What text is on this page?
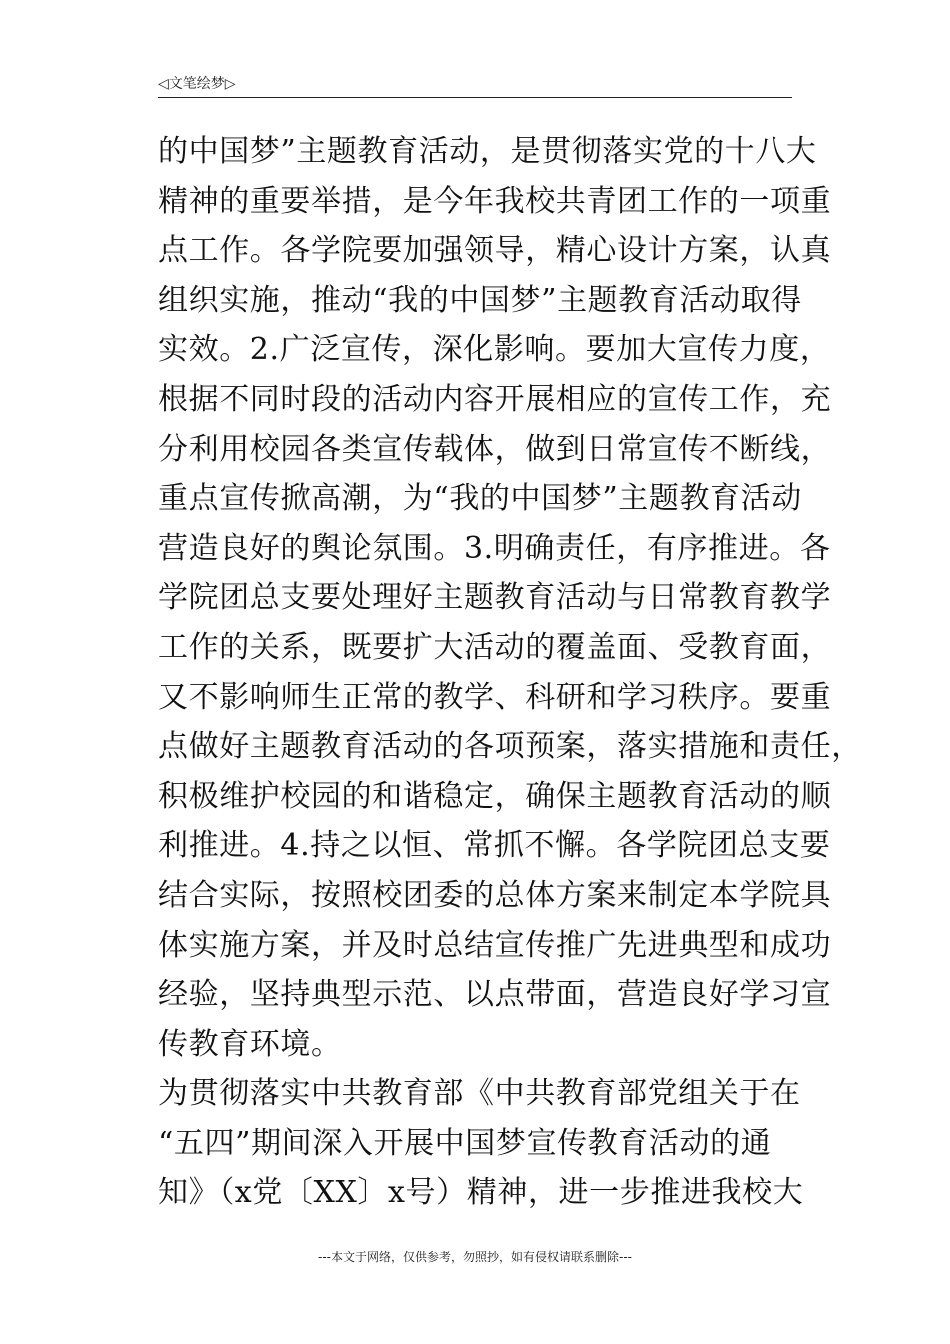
◁文笔绘梦▷
的中国梦”主题教育活动，是贯彻落实党的十八大
精神的重要举措，是今年我校共青团工作的一项重
点工作。各学院要加强领导，精心设计方案，认真
组织实施，推动“我的中国梦”主题教育活动取得
实效。2.广泛宣传，深化影响。要加大宣传力度，
根据不同时段的活动内容开展相应的宣传工作，充
分利用校园各类宣传载体，做到日常宣传不断线，
重点宣传掀高潮，为“我的中国梦”主题教育活动
营造良好的舆论氛围。3.明确责任，有序推进。各
学院团总支要处理好主题教育活动与日常教育教学
工作的关系，既要扩大活动的覆盖面、受教育面，
又不影响师生正常的教学、科研和学习秩序。要重
点做好主题教育活动的各项预案，落实措施和责任，
积极维护校园的和谐稳定，确保主题教育活动的顺
利推进。4.持之以恒、常抓不懈。各学院团总支要
结合实际，按照校团委的总体方案来制定本学院具
体实施方案，并及时总结宣传推广先进典型和成功
经验，坚持典型示范、以点带面，营造良好学习宣
传教育环境。
为贯彻落实中共教育部《中共教育部党组关于在
“五四”期间深入开展中国梦宣传教育活动的通
知》（x党〔XX〕x号）精神，进一步推进我校大
---本文于网络，仅供参考，勿照抄，如有侵权请联系删除---
